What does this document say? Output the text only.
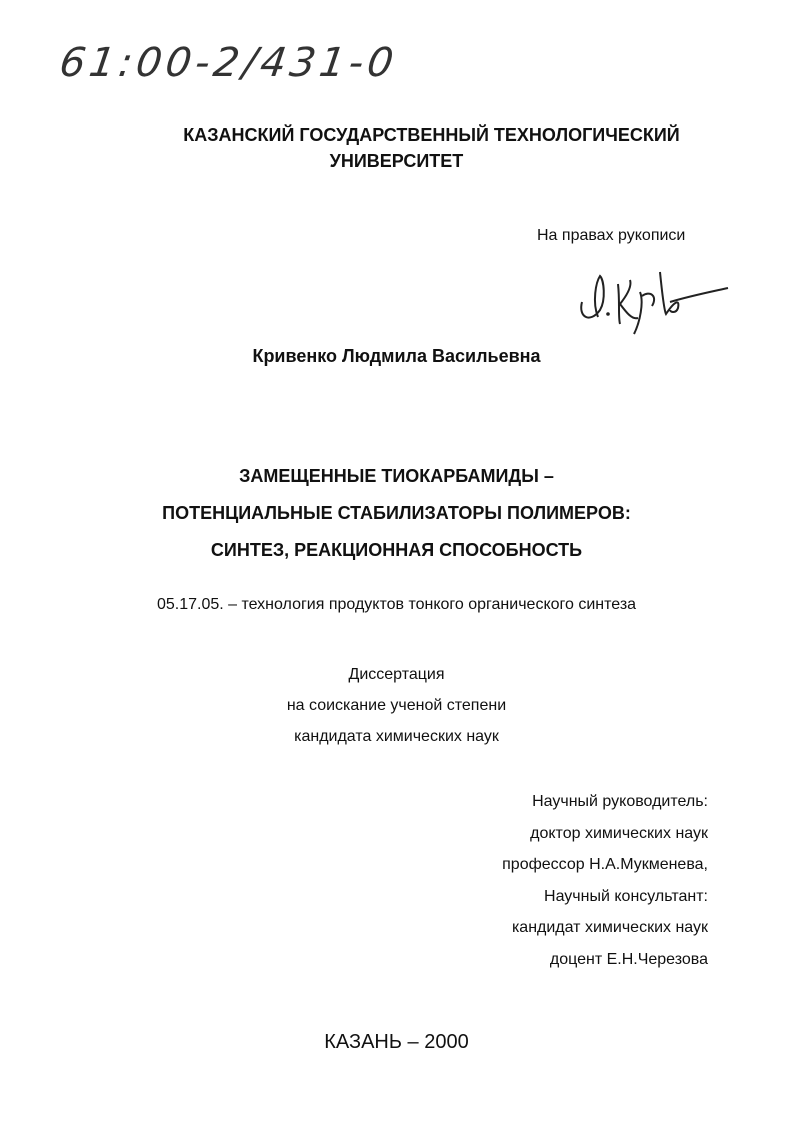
61:00-2/431-0
КАЗАНСКИЙ ГОСУДАРСТВЕННЫЙ ТЕХНОЛОГИЧЕСКИЙ
УНИВЕРСИТЕТ
На правах рукописи
Кривенко Людмила Васильевна
ЗАМЕЩЕННЫЕ ТИОКАРБАМИДЫ –
ПОТЕНЦИАЛЬНЫЕ СТАБИЛИЗАТОРЫ ПОЛИМЕРОВ:
СИНТЕЗ, РЕАКЦИОННАЯ СПОСОБНОСТЬ
05.17.05. – технология продуктов тонкого органического синтеза
Диссертация
на соискание ученой степени
кандидата химических наук
Научный руководитель:
доктор химических наук
профессор Н.А.Мукменева,
Научный консультант:
кандидат химических наук
доцент Е.Н.Черезова
КАЗАНЬ – 2000
